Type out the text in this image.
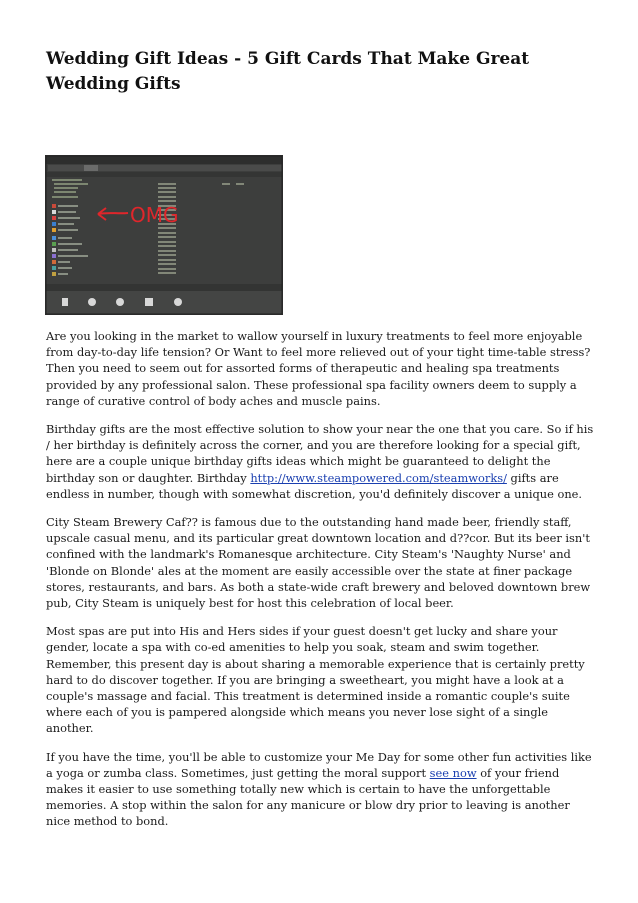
Wedding Gift Ideas - 5 Gift Cards That Make Great Wedding Gifts
OMG

Are you looking in the market to wallow yourself in luxury treatments to feel more enjoyable from day-to-day life tension? Or Want to feel more relieved out of your tight time-table stress? Then you need to seem out for assorted forms of therapeutic and healing spa treatments provided by any professional salon. These professional spa facility owners deem to supply a range of curative control of body aches and muscle pains.

Birthday gifts are the most effective solution to show your near the one that you care. So if his / her birthday is definitely across the corner, and you are therefore looking for a special gift, here are a couple unique birthday gifts ideas which might be guaranteed to delight the birthday son or daughter. Birthday http://www.steampowered.com/steamworks/ gifts are endless in number, though with somewhat discretion, you'd definitely discover a unique one.

City Steam Brewery Caf?? is famous due to the outstanding hand made beer, friendly staff, upscale casual menu, and its particular great downtown location and d??cor. But its beer isn't confined with the landmark's Romanesque architecture. City Steam's 'Naughty Nurse' and 'Blonde on Blonde' ales at the moment are easily accessible over the state at finer package stores, restaurants, and bars. As both a state-wide craft brewery and beloved downtown brew pub, City Steam is uniquely best for host this celebration of local beer.

Most spas are put into His and Hers sides if your guest doesn't get lucky and share your gender, locate a spa with co-ed amenities to help you soak, steam and swim together. Remember, this present day is about sharing a memorable experience that is certainly pretty hard to do discover together. If you are bringing a sweetheart, you might have a look at a couple's massage and facial. This treatment is determined inside a romantic couple's suite where each of you is pampered alongside which means you never lose sight of a single another.

If you have the time, you'll be able to customize your Me Day for some other fun activities like a yoga or zumba class. Sometimes, just getting the moral support see now of your friend makes it easier to use something totally new which is certain to have the unforgettable memories. A stop within the salon for any manicure or blow dry prior to leaving is another nice method to bond.
